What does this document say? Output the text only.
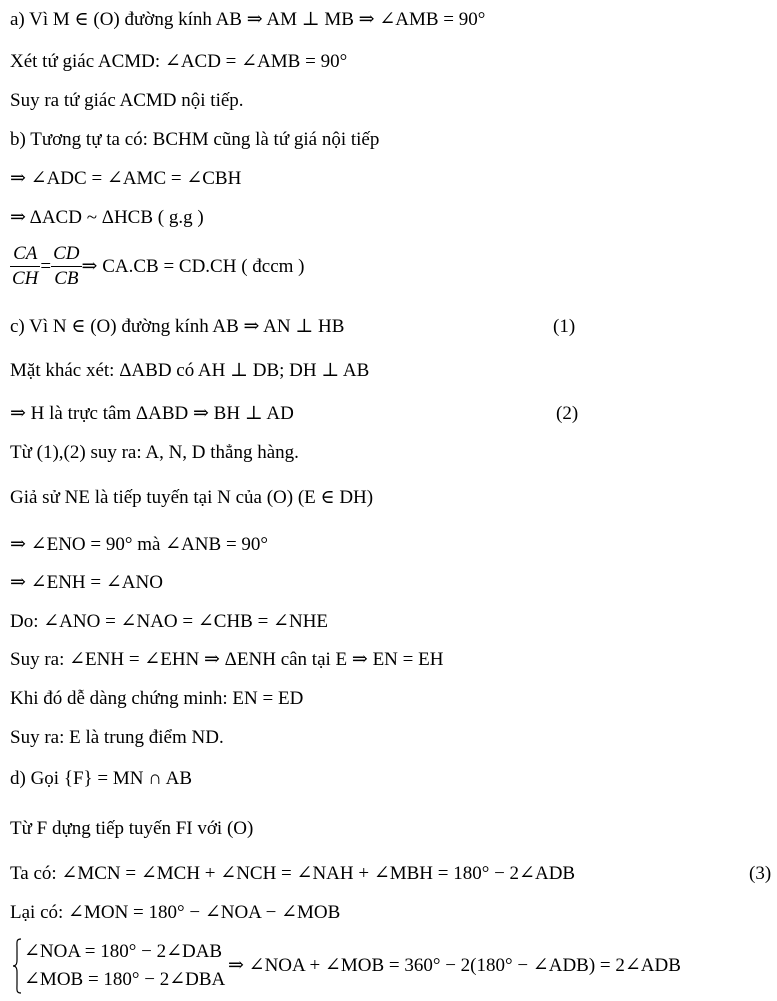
a) Vì M ∈ (O) đường kính AB ⇒ AM ⊥ MB ⇒ ∠AMB = 90°
Xét tứ giác ACMD: ∠ACD = ∠AMB = 90°
Suy ra tứ giác ACMD nội tiếp.
b) Tương tự ta có: BCHM cũng là tứ giá nội tiếp
⇒ ∠ADC = ∠AMC = ∠CBH
⇒ ΔACD ~ ΔHCB ( g.g )
c) Vì N ∈ (O) đường kính AB ⇒ AN ⊥ HB
Mặt khác xét: ΔABD có AH ⊥ DB; DH ⊥ AB
⇒ H là trực tâm ΔABD ⇒ BH ⊥ AD
Từ (1),(2) suy ra: A, N, D thẳng hàng.
Giả sử NE là tiếp tuyến tại N của (O) (E ∈ DH)
⇒ ∠ENO = 90° mà ∠ANB = 90°
⇒ ∠ENH = ∠ANO
Do: ∠ANO = ∠NAO = ∠CHB = ∠NHE
Suy ra: ∠ENH = ∠EHN ⇒ ΔENH cân tại E ⇒ EN = EH
Khi đó dễ dàng chứng minh: EN = ED
Suy ra: E là trung điểm ND.
d) Gọi {F} = MN ∩ AB
Từ F dựng tiếp tuyến FI với (O)
Ta có: ∠MCN = ∠MCH + ∠NCH = ∠NAH + ∠MBH = 180° − 2∠ADB
Lại có: ∠MON = 180° − ∠NOA − ∠MOB
(1)
(2)
(3)
$\frac{CA}{CH} = \frac{CD}{CB}$ ⇒ CA.CB = CD.CH ( đccm )
∠NOA = 180° − 2∠DAB
∠MOB = 180° − 2∠DBA
⇒ ∠NOA + ∠MOB = 360° − 2(180° − ∠ADB) = 2∠ADB
